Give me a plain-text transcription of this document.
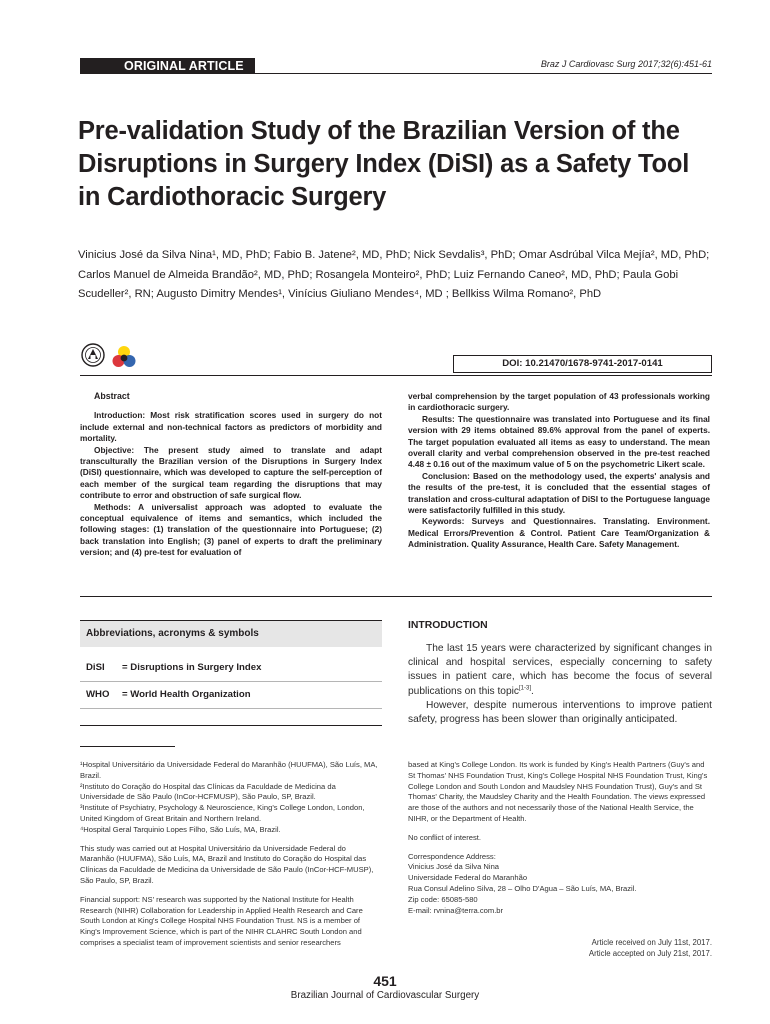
ORIGINAL ARTICLE	Braz J Cardiovasc Surg 2017;32(6):451-61
Pre-validation Study of the Brazilian Version of the Disruptions in Surgery Index (DiSI) as a Safety Tool in Cardiothoracic Surgery
Vinicius José da Silva Nina¹, MD, PhD; Fabio B. Jatene², MD, PhD; Nick Sevdalis³, PhD; Omar Asdrúbal Vilca Mejía², MD, PhD; Carlos Manuel de Almeida Brandão², MD, PhD; Rosangela Monteiro², PhD; Luiz Fernando Caneo², MD, PhD; Paula Gobi Scudeller², RN; Augusto Dimitry Mendes¹, Vinícius Giuliano Mendes⁴, MD ; Bellkiss Wilma Romano², PhD
DOI: 10.21470/1678-9741-2017-0141
Abstract

Introduction: Most risk stratification scores used in surgery do not include external and non-technical factors as predictors of morbidity and mortality.

Objective: The present study aimed to translate and adapt transculturally the Brazilian version of the Disruptions in Surgery Index (DiSI) questionnaire, which was developed to capture the self-perception of each member of the surgical team regarding the disruptions that may contribute to error and obstruction of safe surgical flow.

Methods: A universalist approach was adopted to evaluate the conceptual equivalence of items and semantics, which included the following stages: (1) translation of the questionnaire into Portuguese; (2) back translation into English; (3) panel of experts to draft the preliminary version; and (4) pre-test for evaluation of

verbal comprehension by the target population of 43 professionals working in cardiothoracic surgery.

Results: The questionnaire was translated into Portuguese and its final version with 29 items obtained 89.6% approval from the panel of experts. The target population evaluated all items as easy to understand. The mean overall clarity and verbal comprehension observed in the pre-test reached 4.48 ± 0.16 out of the maximum value of 5 on the psychometric Likert scale.

Conclusion: Based on the methodology used, the experts' analysis and the results of the pre-test, it is concluded that the essential stages of translation and cross-cultural adaptation of DiSI to the Portuguese language were satisfactorily fulfilled in this study.

Keywords: Surveys and Questionnaires. Translating. Environment. Medical Errors/Prevention & Control. Patient Care Team/Organization & Administration. Quality Assurance, Health Care. Safety Management.

Abbreviations, acronyms & symbols
DiSI = Disruptions in Surgery Index
WHO = World Health Organization
INTRODUCTION

The last 15 years were characterized by significant changes in clinical and hospital services, especially concerning to safety issues in patient care, which has become the focus of several publications on this topic[1-3].

However, despite numerous interventions to improve patient safety, progress has been slower than originally anticipated.

¹Hospital Universitário da Universidade Federal do Maranhão (HUUFMA), São Luís, MA, Brazil.
²Instituto do Coração do Hospital das Clínicas da Faculdade de Medicina da Universidade de São Paulo (InCor-HCFMUSP), São Paulo, SP, Brazil.
³Institute of Psychiatry, Psychology & Neuroscience, King's College London, London, United Kingdom of Great Britain and Northern Ireland.
⁴Hospital Geral Tarquinio Lopes Filho, São Luís, MA, Brazil.
This study was carried out at Hospital Universitário da Universidade Federal do Maranhão (HUUFMA), São Luís, MA, Brazil and Instituto do Coração do Hospital das Clínicas da Faculdade de Medicina da Universidade de São Paulo (InCor-HCF-MUSP), São Paulo, SP, Brazil.
Financial support: NS' research was supported by the National Institute for Health Research (NIHR) Collaboration for Leadership in Applied Health Research and Care South London at King's College Hospital NHS Foundation Trust. NS is a member of King's Improvement Science, which is part of the NIHR CLAHRC South London and comprises a specialist team of improvement scientists and senior researchers
based at King's College London. Its work is funded by King's Health Partners (Guy's and St Thomas' NHS Foundation Trust, King's College Hospital NHS Foundation Trust, King's College London and South London and Maudsley NHS Foundation Trust), Guy's and St Thomas' Charity, the Maudsley Charity and the Health Foundation. The views expressed are those of the authors and not necessarily those of the National Health Service, the NIHR, or the Department of Health.
No conflict of interest.
Correspondence Address:
Vinicius José da Silva Nina
Universidade Federal do Maranhão
Rua Consul Adelino Silva, 28 – Olho D'Agua – São Luís, MA, Brazil.
Zip code: 65085-580
E-mail: rvnina@terra.com.br
Article received on July 11st, 2017.
Article accepted on July 21st, 2017.
451
Brazilian Journal of Cardiovascular Surgery
